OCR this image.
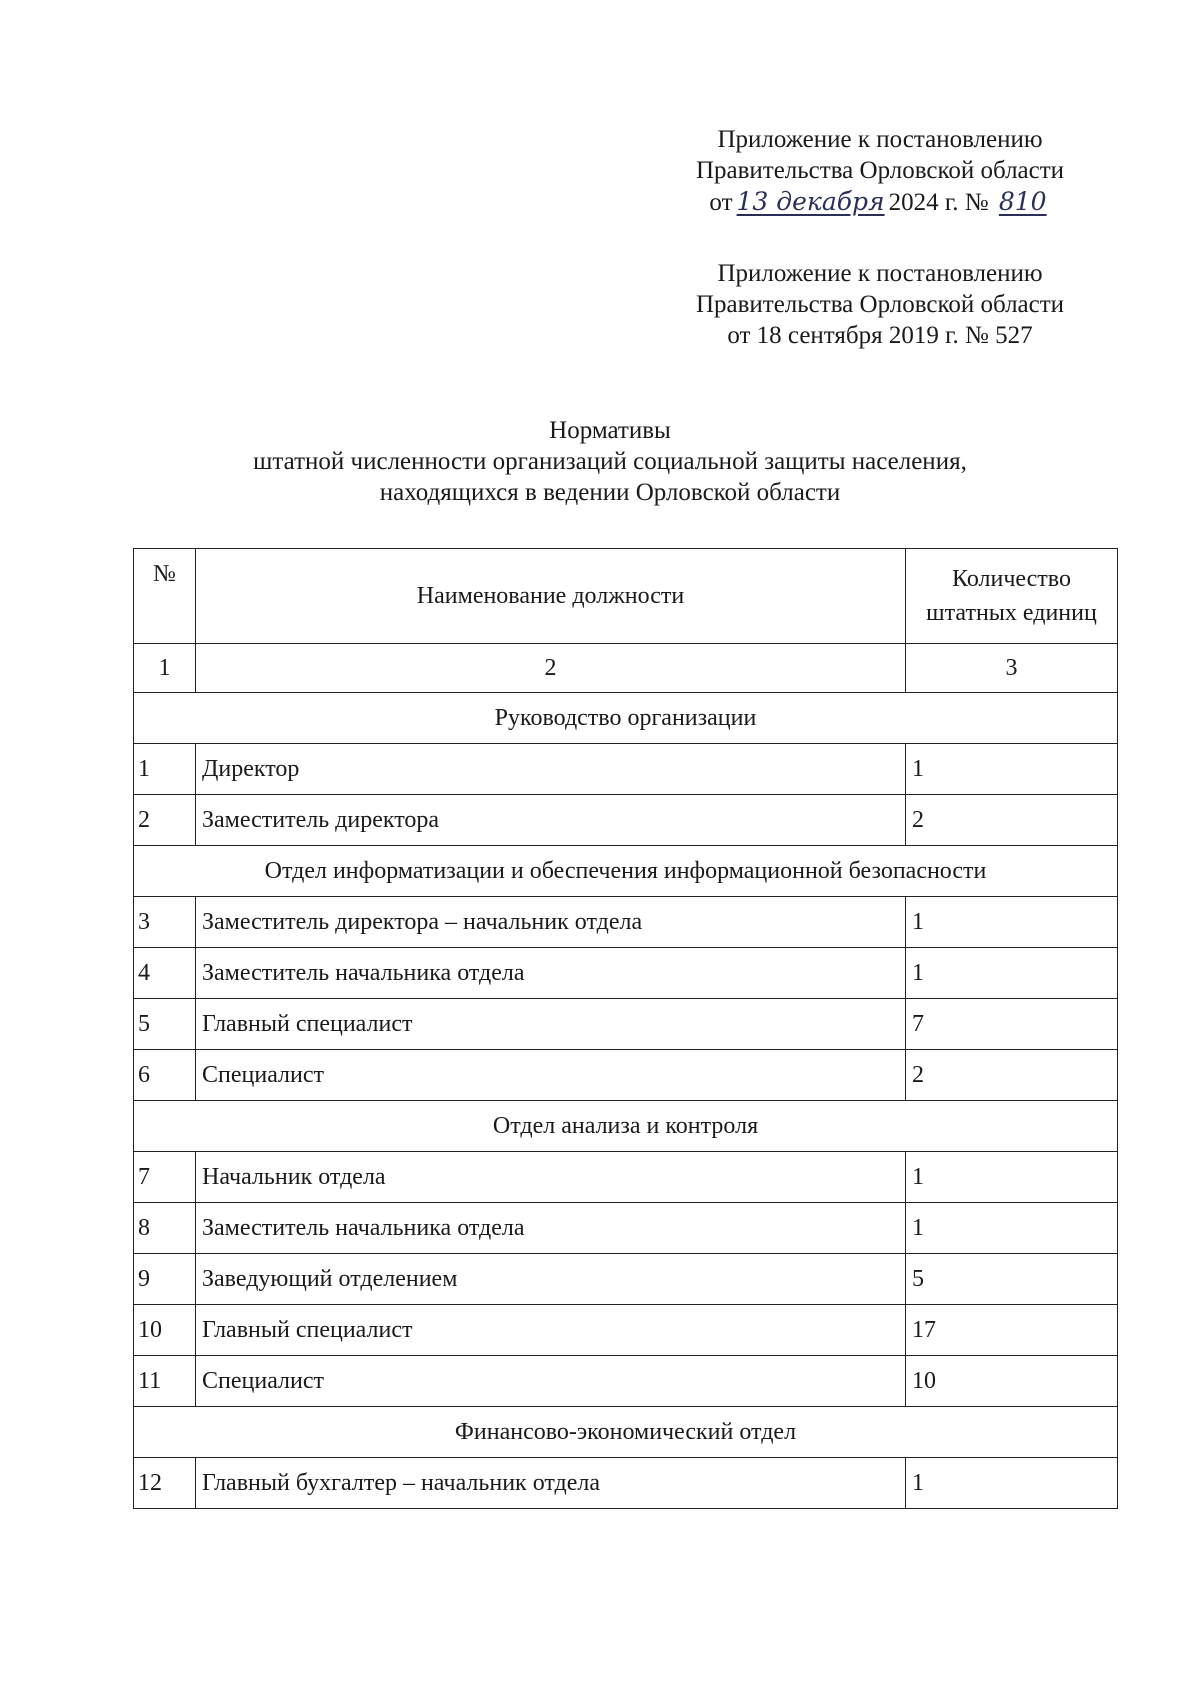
Приложение к постановлению
Правительства Орловской области
от 13 декабря 2024 г. № 810
Приложение к постановлению
Правительства Орловской области
от 18 сентября 2019 г. № 527
Нормативы
штатной численности организаций социальной защиты населения,
находящихся в ведении Орловской области
№	Наименование должности	Количество штатных единиц
1	2	3
Руководство организации		
1	Директор	1
2	Заместитель директора	2
Отдел информатизации и обеспечения информационной безопасности		
3	Заместитель директора – начальник отдела	1
4	Заместитель начальника отдела	1
5	Главный специалист	7
6	Специалист	2
Отдел анализа и контроля		
7	Начальник отдела	1
8	Заместитель начальника отдела	1
9	Заведующий отделением	5
10	Главный специалист	17
11	Специалист	10
Финансово-экономический отдел		
12	Главный бухгалтер – начальник отдела	1
